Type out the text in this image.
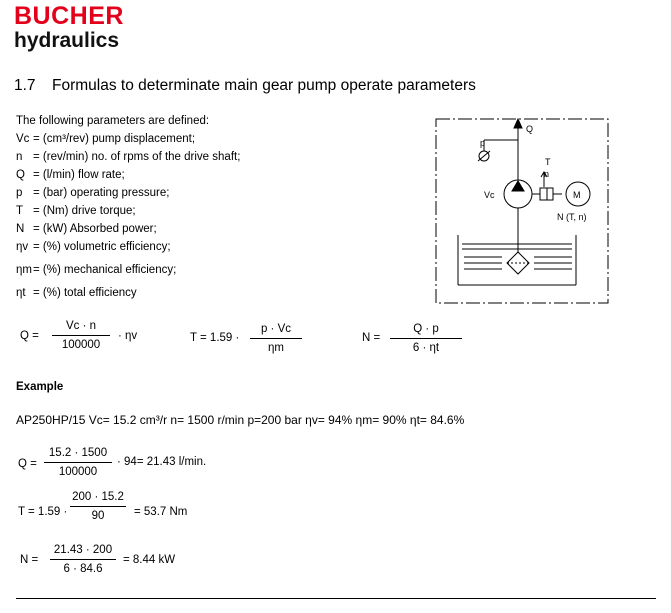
BUCHER
hydraulics
1.7 Formulas to determinate main gear pump operate parameters
The following parameters are defined:
Vc = (cm³/rev) pump displacement;
n = (rev/min) no. of rpms of the drive shaft;
Q = (l/min) flow rate;
p = (bar) operating pressure;
T = (Nm) drive torque;
N = (kW) Absorbed power;
ηv = (%) volumetric efficiency;
ηm= (%) mechanical efficiency;
ηt = (%) total efficiency
Q
p
T
n
Vc	M
N (T, n)
$Q = \frac{Vc \cdot n}{100000} \cdot \eta v$	$T = 1.59 \cdot \frac{p \cdot Vc}{\eta m}$	$N = \frac{Q \cdot p}{6 \cdot \eta t}$
Example
AP250HP/15 Vc= 15.2 cm³/r n= 1500 r/min p=200 bar ηv= 94% ηm= 90% ηt= 84.6%
$Q = \frac{15.2 \cdot 1500}{100000} \cdot 94= 21.43$ l/min.
$T = 1.59 \cdot \frac{200 \cdot 15.2}{90} = 53.7$ Nm
$N = \frac{21.43 \cdot 200}{6 \cdot 84.6} = 8.44$ kW
